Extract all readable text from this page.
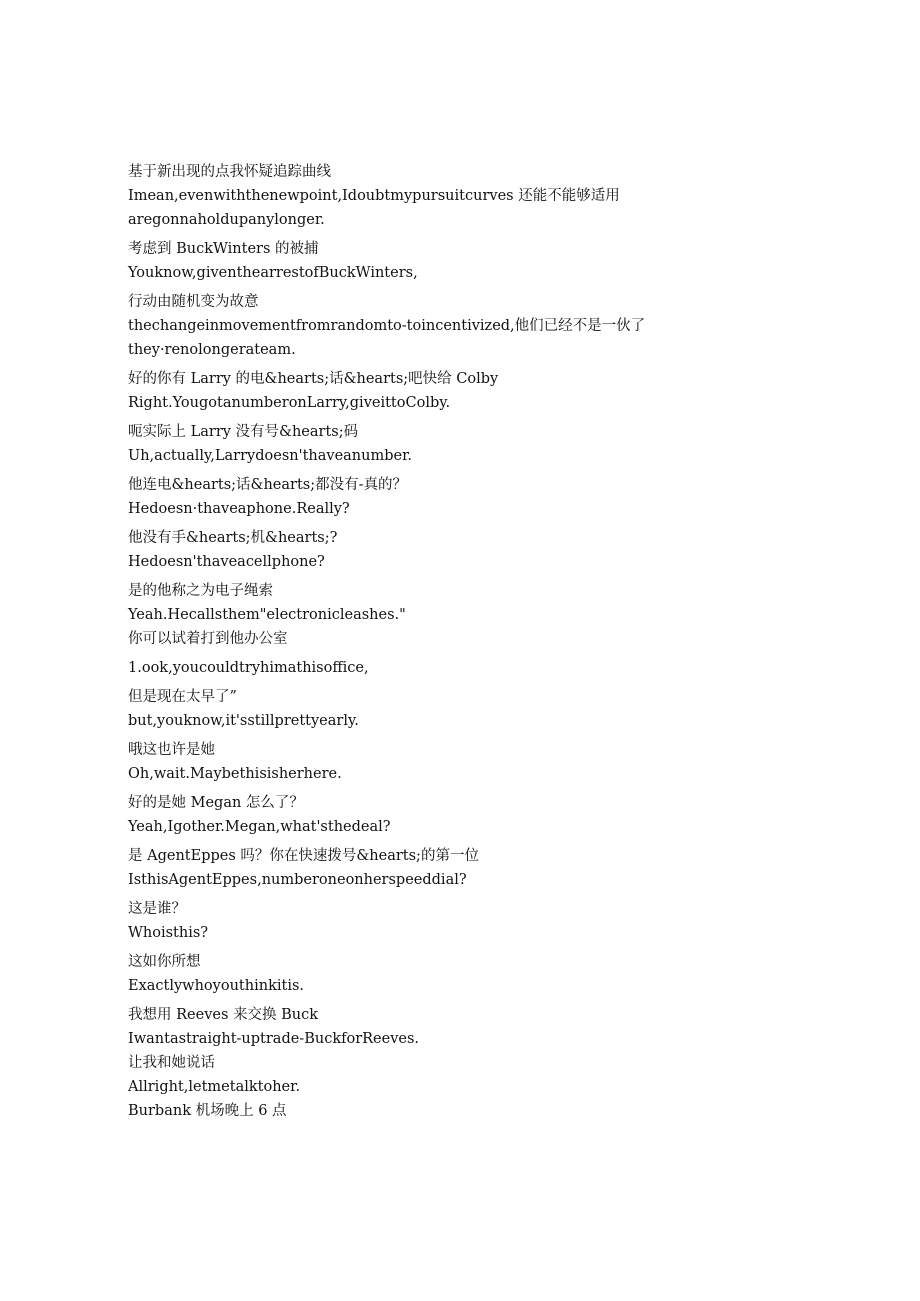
基于新出现的点我怀疑追踪曲线
Imean,evenwiththenewpoint,Idoubtmypursuitcurves 还能不能够适用
aregonnaholdupanylonger.
考虑到 BuckWinters 的被捕
Youknow,giventhearrestofBuckWinters,
行动由随机变为故意
thechangeinmovementfromrandomto-toincentivized,他们已经不是一伙了
they·renolongerateam.
好的你有 Larry 的电&hearts;话&hearts;吧快给 Colby
Right.YougotanumberonLarry,giveittoColby.
呃实际上 Larry 没有号&hearts;码
Uh,actually,Larrydoesn'thaveanumber.
他连电&hearts;话&hearts;都没有-真的？
Hedoesn·thaveaphone.Really?
他没有手&hearts;机&hearts;?
Hedoesn'thaveacellphone?
是的他称之为电子绳索
Yeah.Hecallsthem"electronicleashes."
你可以试着打到他办公室
1.ook,youcouldtryhimathisoffice,
但是现在太早了”
but,youknow,it'sstillprettyearly.
哦这也许是她
Oh,wait.Maybethisisherhere.
好的是她 Megan 怎么了？
Yeah,Igother.Megan,what'sthedeal?
是 AgentEppes 吗？你在快速拨号&hearts;的第一位
IsthisAgentEppes,numberoneonherspeeddial?
这是谁？
Whoisthis?
这如你所想
Exactlywhoyouthinkitis.
我想用 Reeves 来交换 Buck
Iwantastraight-uptrade-BuckforReeves.
让我和她说话
Allright,letmetalktoher.
Burbank 机场晚上 6 点
